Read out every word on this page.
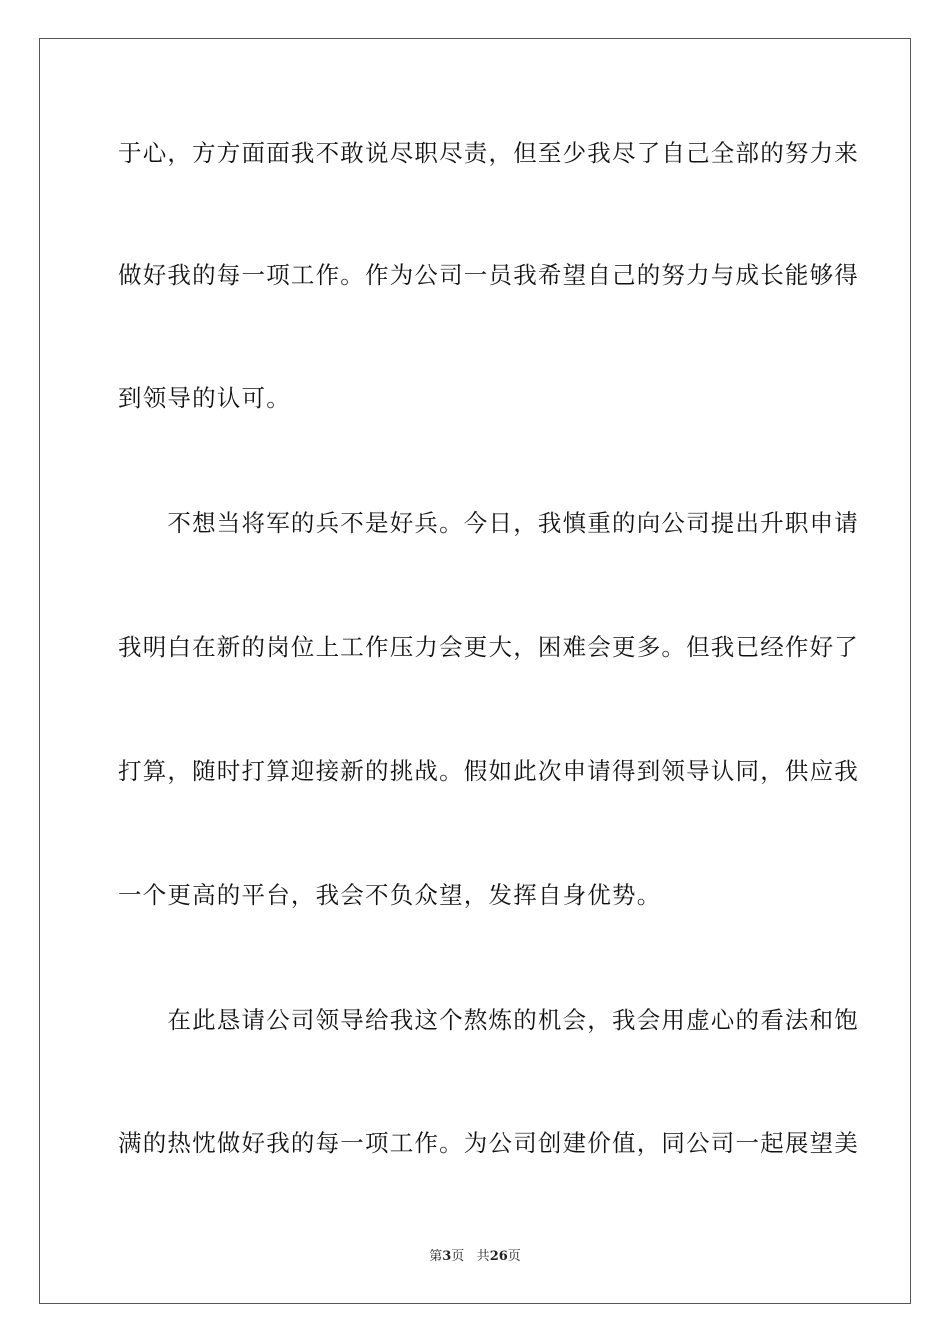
于心，方方面面我不敢说尽职尽责，但至少我尽了自己全部的努力来
做好我的每一项工作。作为公司一员我希望自己的努力与成长能够得
到领导的认可。
　　不想当将军的兵不是好兵。今日，我慎重的向公司提出升职申请
我明白在新的岗位上工作压力会更大，困难会更多。但我已经作好了
打算，随时打算迎接新的挑战。假如此次申请得到领导认同，供应我
一个更高的平台，我会不负众望，发挥自身优势。
　　在此恳请公司领导给我这个熬炼的机会，我会用虚心的看法和饱
满的热忱做好我的每一项工作。为公司创建价值，同公司一起展望美
第3页 共26页
